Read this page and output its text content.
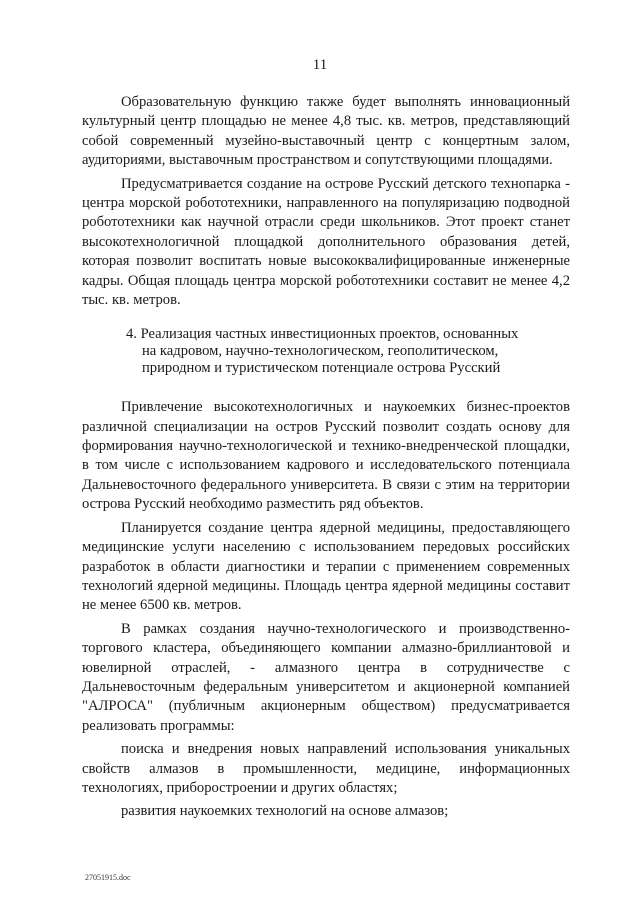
11

Образовательную функцию также будет выполнять инновационный культурный центр площадью не менее 4,8 тыс. кв. метров, представляющий собой современный музейно-выставочный центр с концертным залом, аудиториями, выставочным пространством и сопутствующими площадями.

Предусматривается создание на острове Русский детского технопарка - центра морской робототехники, направленного на популяризацию подводной робототехники как научной отрасли среди школьников. Этот проект станет высокотехнологичной площадкой дополнительного образования детей, которая позволит воспитать новые высококвалифицированные инженерные кадры. Общая площадь центра морской робототехники составит не менее 4,2 тыс. кв. метров.

4. Реализация частных инвестиционных проектов, основанных
на кадровом, научно-технологическом, геополитическом,
природном и туристическом потенциале острова Русский

Привлечение высокотехнологичных и наукоемких бизнес-проектов различной специализации на остров Русский позволит создать основу для формирования научно-технологической и технико-внедренческой площадки, в том числе с использованием кадрового и исследовательского потенциала Дальневосточного федерального университета. В связи с этим на территории острова Русский необходимо разместить ряд объектов.

Планируется создание центра ядерной медицины, предоставляющего медицинские услуги населению с использованием передовых российских разработок в области диагностики и терапии с применением современных технологий ядерной медицины. Площадь центра ядерной медицины составит не менее 6500 кв. метров.

В рамках создания научно-технологического и производственно-торгового кластера, объединяющего компании алмазно-бриллиантовой и ювелирной отраслей, - алмазного центра в сотрудничестве с Дальневосточным федеральным университетом и акционерной компанией "АЛРОСА" (публичным акционерным обществом) предусматривается реализовать программы:

поиска и внедрения новых направлений использования уникальных свойств алмазов в промышленности, медицине, информационных технологиях, приборостроении и других областях;

развития наукоемких технологий на основе алмазов;

27051915.doc
